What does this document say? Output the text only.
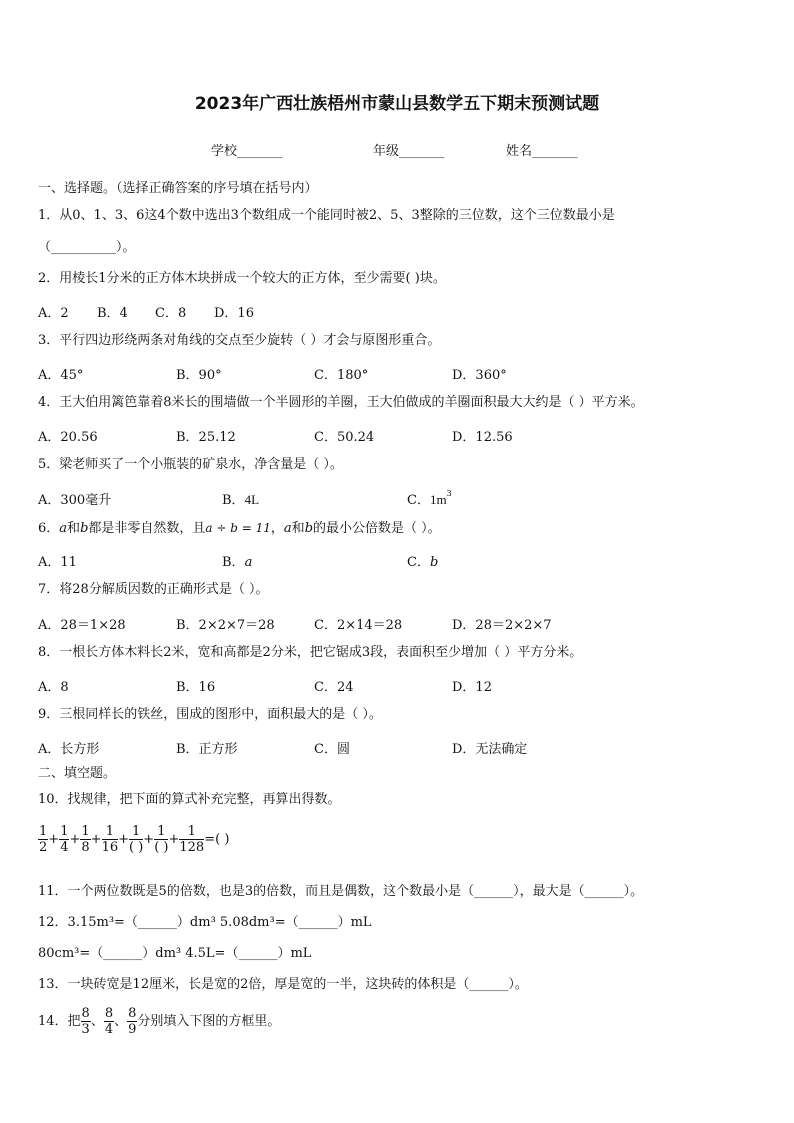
2023年广西壮族梧州市蒙山县数学五下期末预测试题
学校_______	年级_______	姓名_______
一、选择题。（选择正确答案的序号填在括号内）
1．从0、1、3、6这4个数中选出3个数组成一个能同时被2、5、3整除的三位数，这个三位数最小是
（__________）。
2．用棱长1分米的正方体木块拼成一个较大的正方体，至少需要( )块。
A．2 B．4 C．8 D．16
3．平行四边形绕两条对角线的交点至少旋转（ ）才会与原图形重合。
A．45°	B．90°	C．180°	D．360°
4．王大伯用篱笆靠着8米长的围墙做一个半圆形的羊圈，王大伯做成的羊圈面积最大大约是（ ）平方米。
A．20.56	B．25.12	C．50.24	D．12.56
5．梁老师买了一个小瓶装的矿泉水，净含量是（ ）。
A．300毫升	B．4L	C．$1m^3$
6．a和b都是非零自然数，且a ÷ b = 11，a和b的最小公倍数是（ ）。
A．11	B．a	C．b
7．将28分解质因数的正确形式是（ ）。
A．28＝1×28	B．2×2×7＝28	C．2×14＝28	D．28＝2×2×7
8．一根长方体木料长2米，宽和高都是2分米，把它锯成3段，表面积至少增加（ ）平方分米。
A．8	B．16	C．24	D．12
9．三根同样长的铁丝，围成的图形中，面积最大的是（ ）。
A．长方形	B．正方形	C．圆	D．无法确定
二、填空题。
10．找规律，把下面的算式补充完整，再算出得数。
$\frac{1}{2} + \frac{1}{4} + \frac{1}{8} + \frac{1}{16} + \frac{1}{( )} + \frac{1}{( )} + \frac{1}{128}$ =( )
11．一个两位数既是5的倍数，也是3的倍数，而且是偶数，这个数最小是（______），最大是（______）。
12．3.15m³=（______）dm³ 5.08dm³=（______）mL
80cm³=（______）dm³ 4.5L=（______）mL
13．一块砖宽是12厘米，长是宽的2倍，厚是宽的一半，这块砖的体积是（______）。
14．把 $\frac{8}{3}$ 、 $\frac{8}{4}$ 、 $\frac{8}{9}$ 分别填入下图的方框里。
